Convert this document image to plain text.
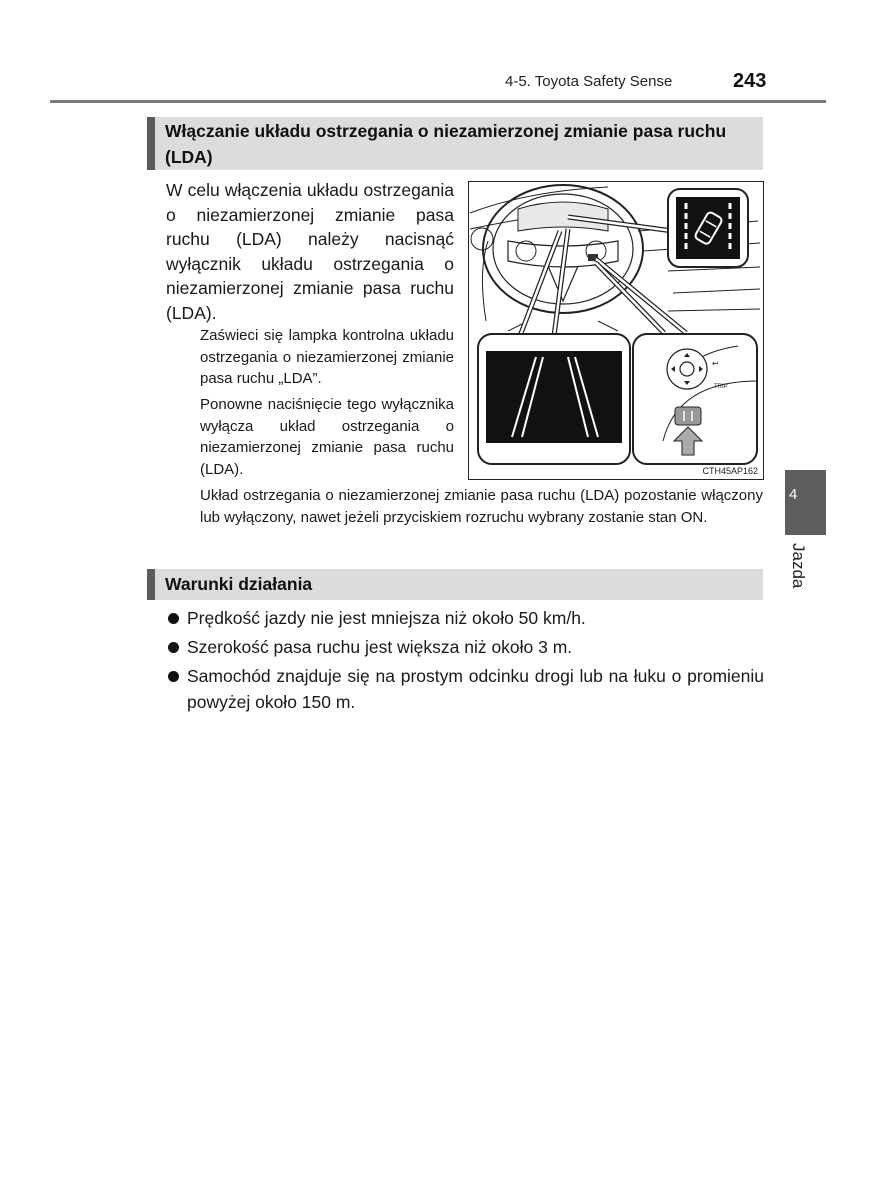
4-5. Toyota Safety Sense	243
Włączanie układu ostrzegania o niezamierzonej zmianie pasa ruchu (LDA)
W celu włączenia układu ostrzegania o niezamierzonej zmianie pasa ruchu (LDA) należy nacisnąć wyłącznik układu ostrzegania o niezamierzonej zmianie pasa ruchu (LDA).
Zaświeci się lampka kontrolna układu ostrzegania o niezamierzonej zmianie pasa ruchu „LDA”.
Ponowne naciśnięcie tego wyłącznika wyłącza układ ostrzegania o niezamierzonej zmianie pasa ruchu (LDA).
Układ ostrzegania o niezamierzonej zmianie pasa ruchu (LDA) pozostanie włączony lub wyłączony, nawet jeżeli przyciskiem rozruchu wybrany zostanie stan ON.
↩
TRIP
CTH45AP162
Warunki działania
Prędkość jazdy nie jest mniejsza niż około 50 km/h.
Szerokość pasa ruchu jest większa niż około 3 m.
Samochód znajduje się na prostym odcinku drogi lub na łuku o promieniu powyżej około 150 m.
4
Jazda
